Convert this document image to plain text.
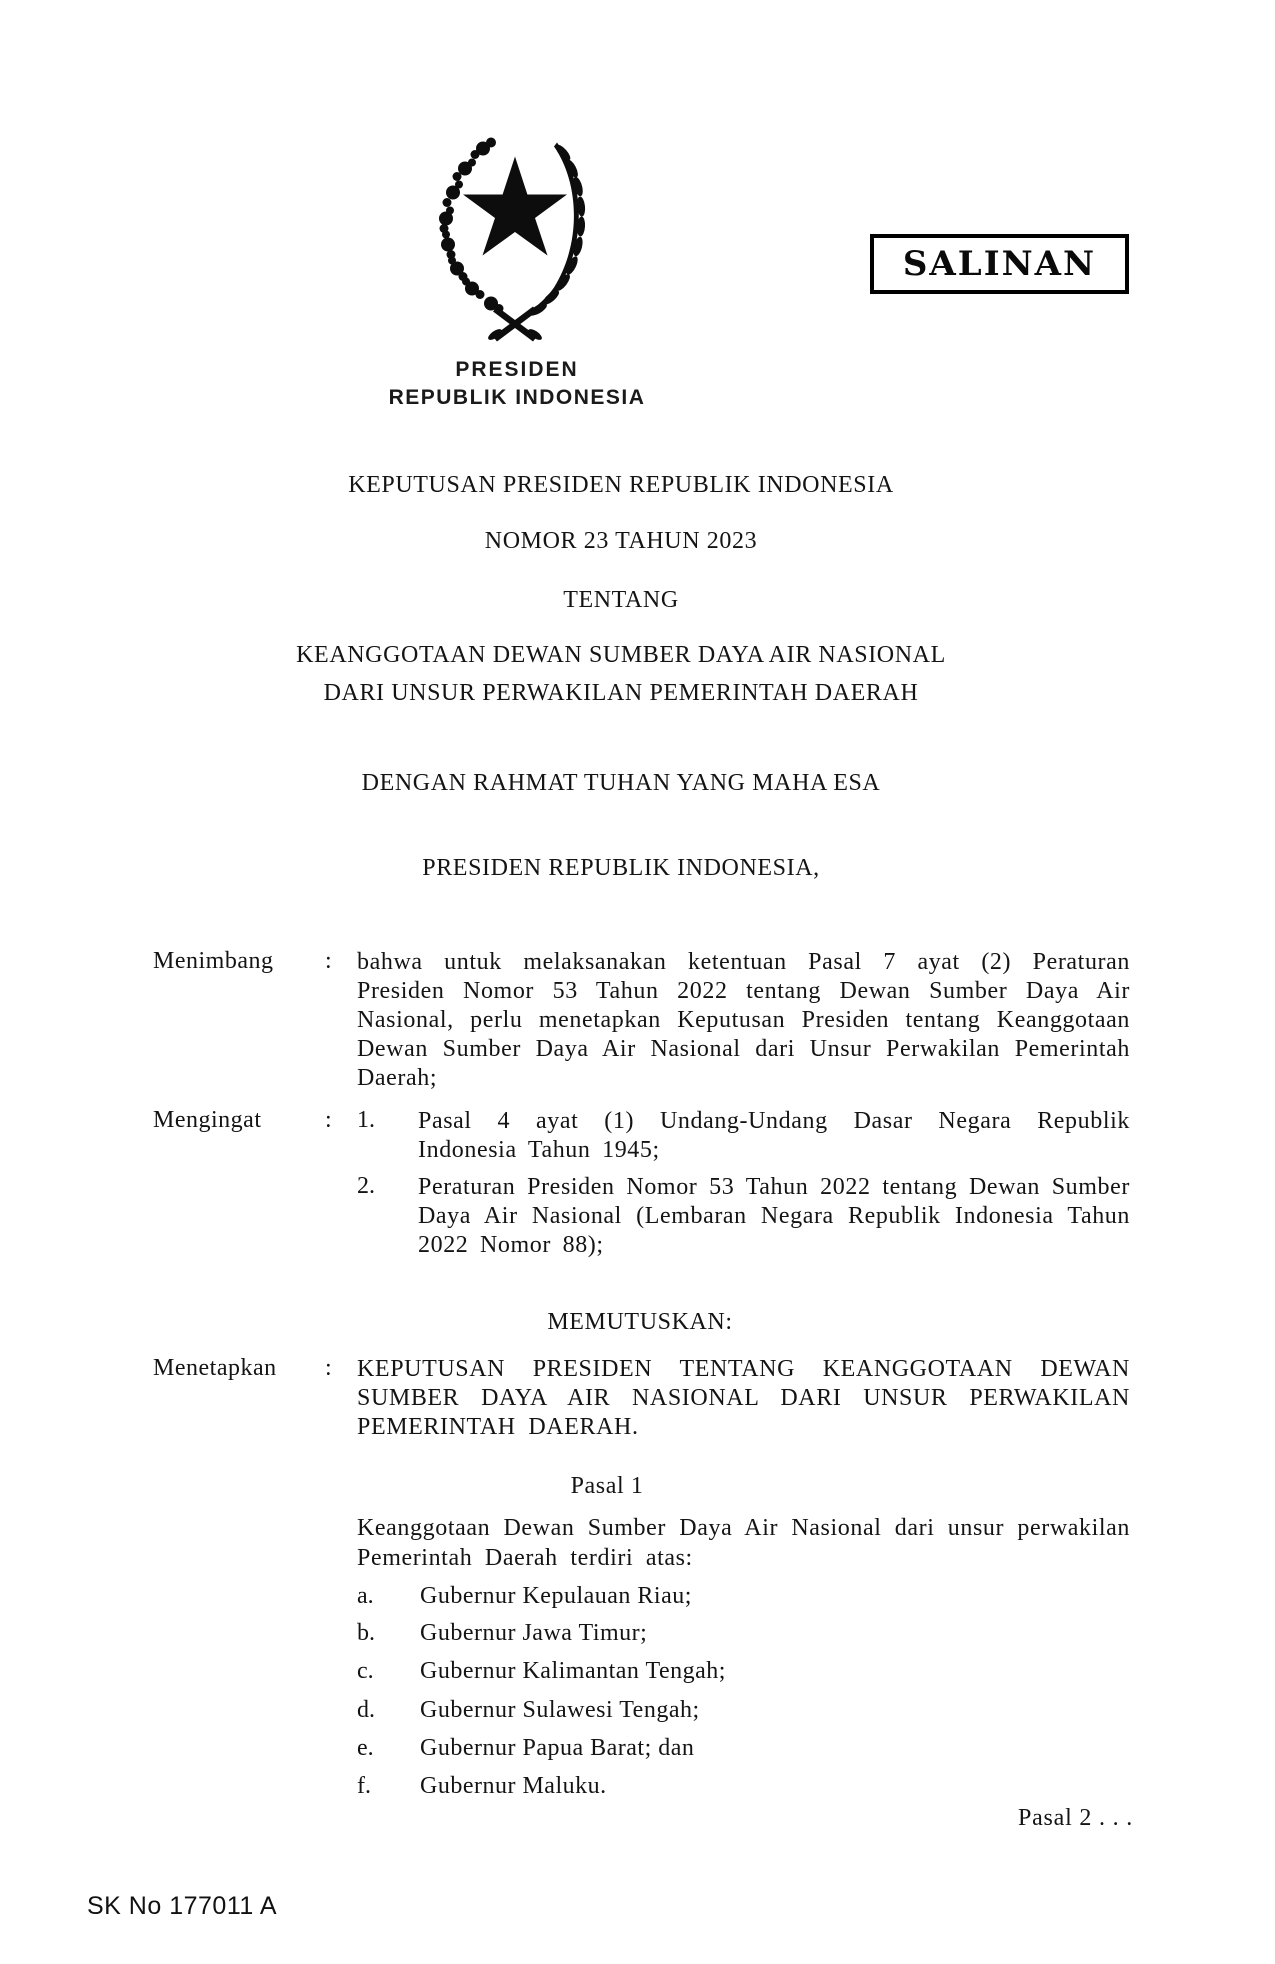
PRESIDEN
REPUBLIK INDONESIA
SALINAN
KEPUTUSAN PRESIDEN REPUBLIK INDONESIA
NOMOR 23 TAHUN 2023
TENTANG
KEANGGOTAAN DEWAN SUMBER DAYA AIR NASIONAL
DARI UNSUR PERWAKILAN PEMERINTAH DAERAH
DENGAN RAHMAT TUHAN YANG MAHA ESA
PRESIDEN REPUBLIK INDONESIA,
Menimbang : bahwa untuk melaksanakan ketentuan Pasal 7 ayat (2) Peraturan Presiden Nomor 53 Tahun 2022 tentang Dewan Sumber Daya Air Nasional, perlu menetapkan Keputusan Presiden tentang Keanggotaan Dewan Sumber Daya Air Nasional dari Unsur Perwakilan Pemerintah Daerah;
Mengingat	: 1. Pasal 4 ayat (1) Undang-Undang Dasar Negara Republik Indonesia Tahun 1945;
2. Peraturan Presiden Nomor 53 Tahun 2022 tentang Dewan Sumber Daya Air Nasional (Lembaran Negara Republik Indonesia Tahun 2022 Nomor 88);
MEMUTUSKAN:
Menetapkan : KEPUTUSAN PRESIDEN TENTANG KEANGGOTAAN DEWAN SUMBER DAYA AIR NASIONAL DARI UNSUR PERWAKILAN PEMERINTAH DAERAH.
Pasal 1
Keanggotaan Dewan Sumber Daya Air Nasional dari unsur perwakilan Pemerintah Daerah terdiri atas:
a. Gubernur Kepulauan Riau;
b. Gubernur Jawa Timur;
c. Gubernur Kalimantan Tengah;
d. Gubernur Sulawesi Tengah;
e. Gubernur Papua Barat; dan
f. Gubernur Maluku.
Pasal 2 . . .
SK No 177011 A
